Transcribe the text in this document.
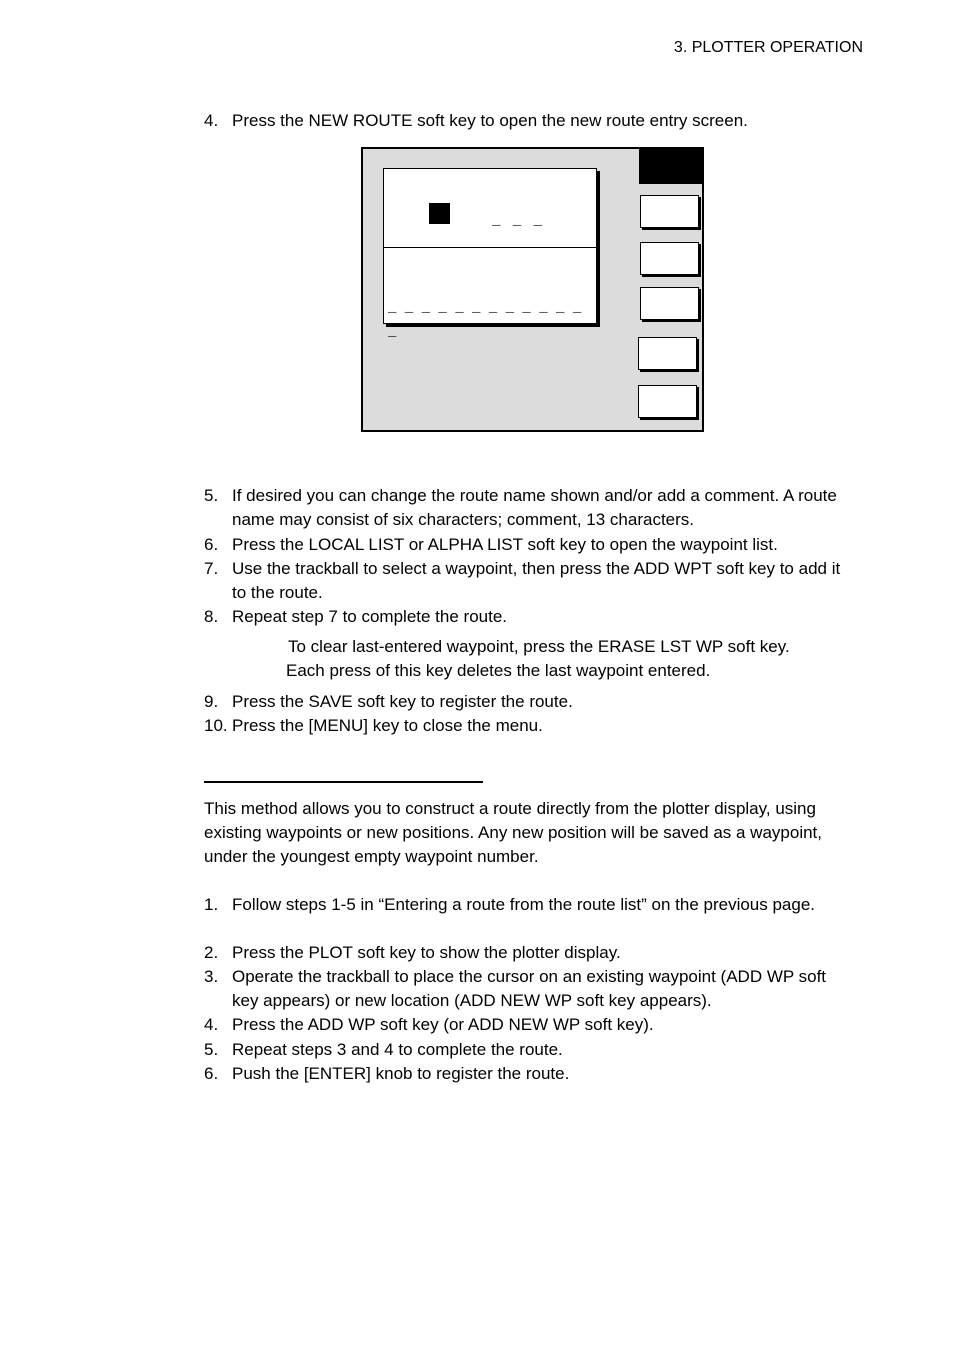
3. PLOTTER OPERATION
4. Press the NEW ROUTE soft key to open the new route entry screen.
_ _ _
_ _ _ _ _ _ _ _ _ _ _ _ _
5. If desired you can change the route name shown and/or add a comment. A route name may consist of six characters; comment, 13 characters.
6. Press the LOCAL LIST or ALPHA LIST soft key to open the waypoint list.
7. Use the trackball to select a waypoint, then press the ADD WPT soft key to add it to the route.
8. Repeat step 7 to complete the route.
To clear last-entered waypoint, press the ERASE LST WP soft key.
Each press of this key deletes the last waypoint entered.
9. Press the SAVE soft key to register the route.
10. Press the [MENU] key to close the menu.
This method allows you to construct a route directly from the plotter display, using existing waypoints or new positions. Any new position will be saved as a waypoint, under the youngest empty waypoint number.
1. Follow steps 1-5 in “Entering a route from the route list” on the previous page.
2. Press the PLOT soft key to show the plotter display.
3. Operate the trackball to place the cursor on an existing waypoint (ADD WP soft key appears) or new location (ADD NEW WP soft key appears).
4. Press the ADD WP soft key (or ADD NEW WP soft key).
5. Repeat steps 3 and 4 to complete the route.
6. Push the [ENTER] knob to register the route.
